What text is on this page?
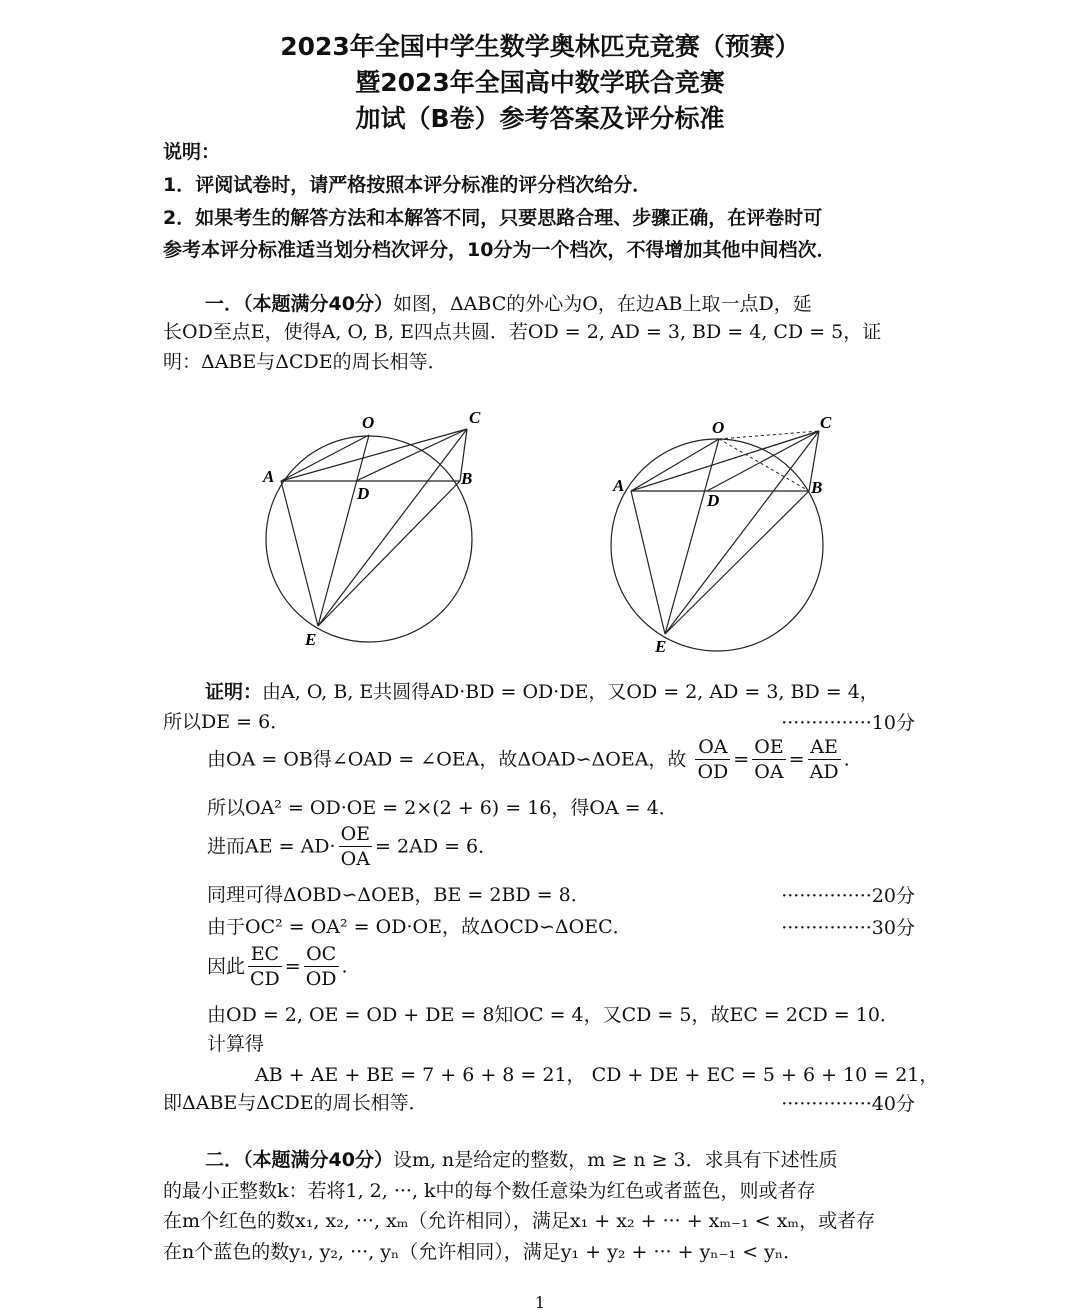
2023年全国中学生数学奥林匹克竞赛（预赛）
暨2023年全国高中数学联合竞赛
加试（B卷）参考答案及评分标准
说明：
1．评阅试卷时，请严格按照本评分标准的评分档次给分．
2．如果考生的解答方法和本解答不同，只要思路合理、步骤正确，在评卷时可
参考本评分标准适当划分档次评分，10分为一个档次，不得增加其他中间档次．
一．（本题满分40分）如图，ΔABC的外心为O，在边AB上取一点D，延
长OD至点E，使得A, O, B, E四点共圆．若OD = 2, AD = 3, BD = 4, CD = 5，证
明：ΔABE与ΔCDE的周长相等．
O	C
A	B
D
E
O	C
A	B
D
E
证明：由A, O, B, E共圆得AD·BD = OD·DE，又OD = 2, AD = 3, BD = 4，
所以DE = 6．	···············10分
由OA = OB得∠OAD = ∠OEA，故ΔOAD∽ΔOEA，故 $\frac{OA}{OD} = \frac{OE}{OA} = \frac{AE}{AD}$ .
所以OA² = OD·OE = 2×(2 + 6) = 16，得OA = 4．
进而AE = $AD\cdot \frac{OE}{OA} = 2AD = 6$．
同理可得ΔOBD∽ΔOEB，BE = 2BD = 8．	···············20分
由于OC² = OA² = OD·OE，故ΔOCD∽ΔOEC．	···············30分
因此 $\frac{EC}{CD} = \frac{OC}{OD}$ .
由OD = 2, OE = OD + DE = 8知OC = 4，又CD = 5，故EC = 2CD = 10．
计算得
AB + AE + BE = 7 + 6 + 8 = 21， CD + DE + EC = 5 + 6 + 10 = 21，
即ΔABE与ΔCDE的周长相等．	···············40分
二．（本题满分40分）设m, n是给定的整数，m ≥ n ≥ 3．求具有下述性质
的最小正整数k：若将1, 2, ···, k中的每个数任意染为红色或者蓝色，则或者存
在m个红色的数x₁, x₂, ···, xₘ（允许相同），满足x₁ + x₂ + ··· + xₘ₋₁ < xₘ，或者存
在n个蓝色的数y₁, y₂, ···, yₙ（允许相同），满足y₁ + y₂ + ··· + yₙ₋₁ < yₙ．
1
